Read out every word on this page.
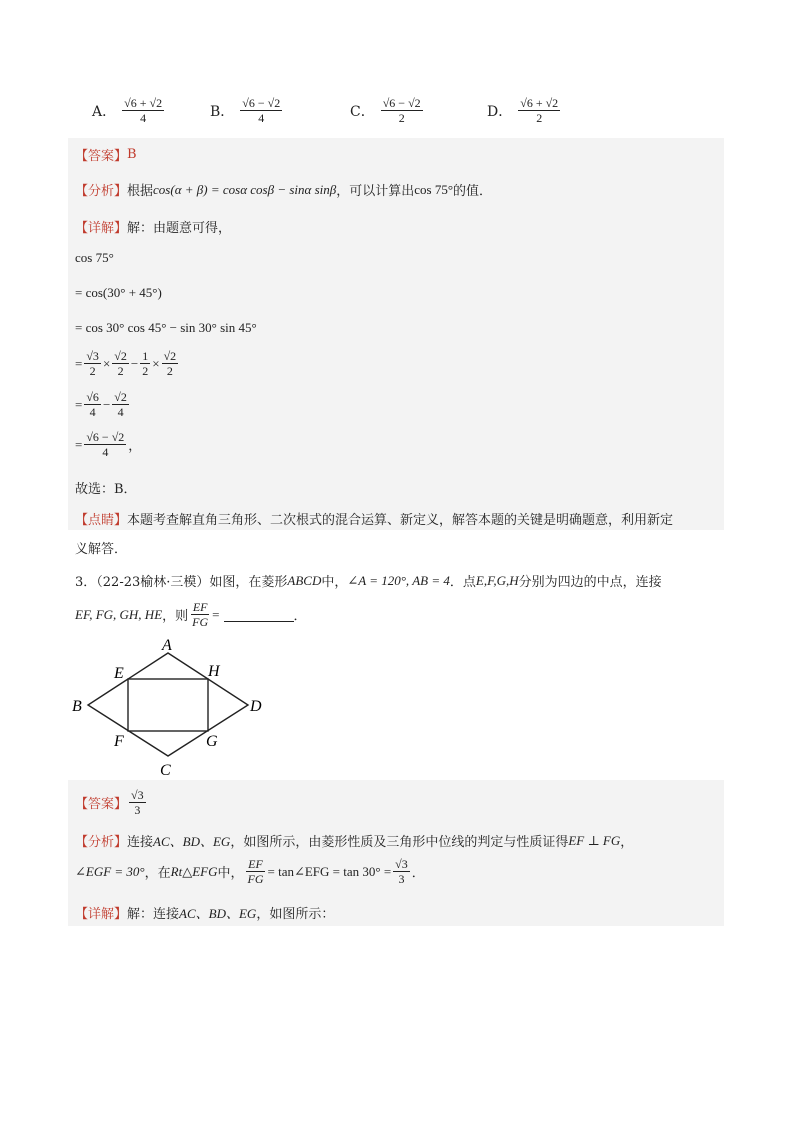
A． $\frac{√6 + √2}{4}$	B． $\frac{√6 - √2}{4}$	C． $\frac{√6 - √2}{2}$	D． $\frac{√6 + √2}{2}$
【答案】 B
【分析】 根据 cos(α + β) = cosα cosβ − sinα sinβ ，可以计算出 cos 75° 的值．
【详解】 解：由题意可得，
cos 75°
= cos(30° + 45°)
= cos 30° cos 45° − sin 30° sin 45°
= $\frac{√3}{2} \times \frac{√2}{2} - \frac{1}{2} \times \frac{√2}{2}$
= $\frac{√6}{4} - \frac{√2}{4}$
= $\frac{√6 - √2}{4}$ ，
故选：B．
【点睛】 本题考查解直角三角形、二次根式的混合运算、新定义，解答本题的关键是明确题意，利用新定
义解答．
3．（22-23榆林·三模）如图，在菱形 ABCD 中， ∠A = 120°, AB = 4 ．点 E,F,G,H 分别为四边的中点，连接
EF, FG, GH, HE ，则 $\frac{EF}{FG}$ =	．
A
B
C
D
E
F	G
H
【答案】 $\frac{√3}{3}$
【分析】 连接 AC、BD、EG ，如图所示，由菱形性质及三角形中位线的判定与性质证得 EF ⊥ FG ，
∠EGF = 30° ，在 Rt△EFG 中， $\frac{EF}{FG}$ = tan∠EFG = $\tan 30^\circ = \frac{√3}{3}$ ．
【详解】 解：连接 AC、BD、EG ，如图所示：
